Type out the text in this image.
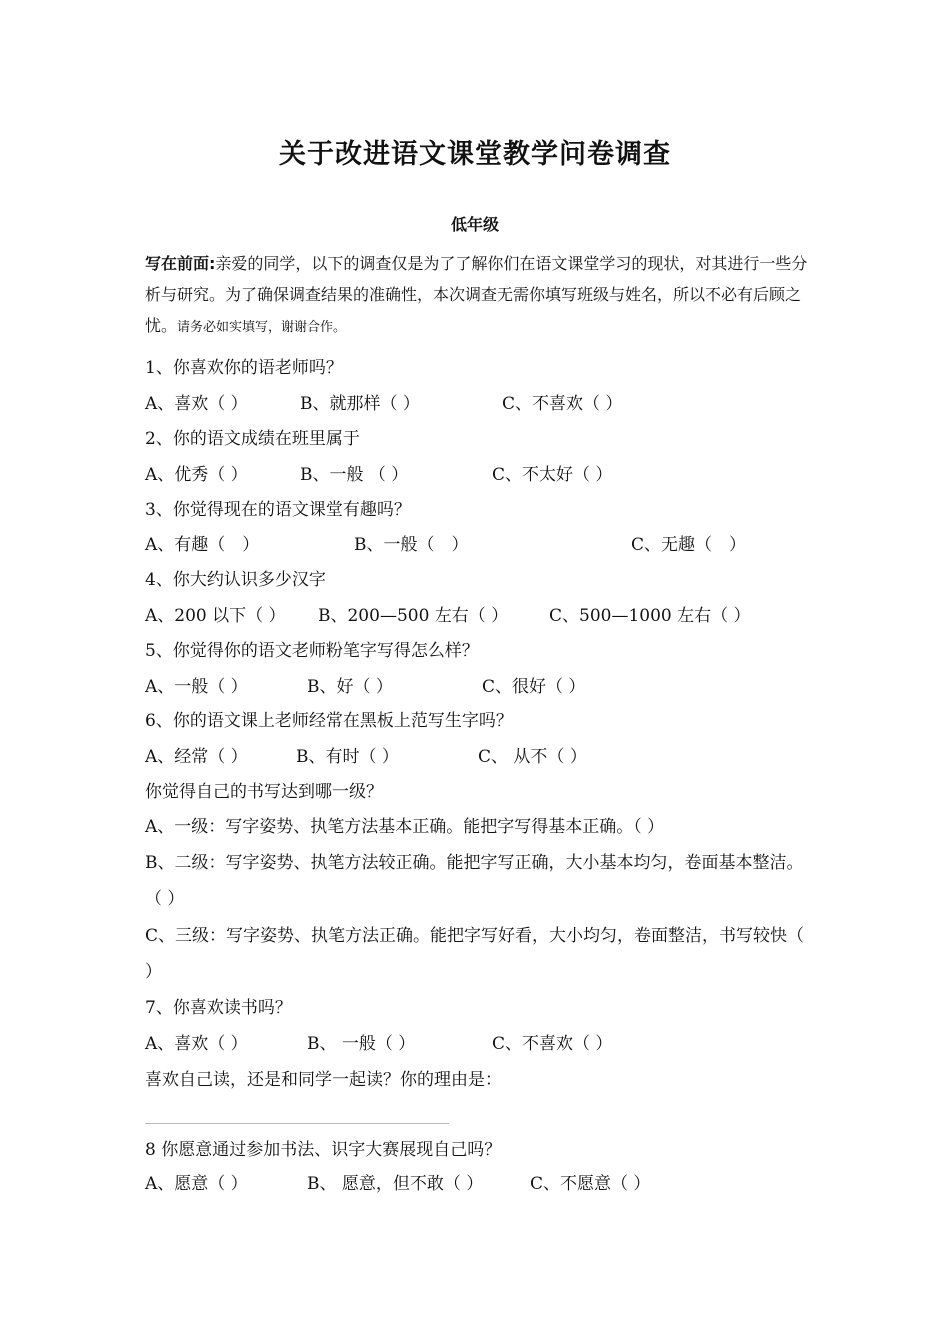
关于改进语文课堂教学问卷调查
低年级
写在前面:亲爱的同学，以下的调查仅是为了了解你们在语文课堂学习的现状，对其进行一些分析与研究。为了确保调查结果的准确性，本次调查无需你填写班级与姓名，所以不必有后顾之忧。请务必如实填写，谢谢合作。
1、你喜欢你的语老师吗？
A、喜欢（ ）	B、就那样（ ）	C、不喜欢（ ）
2、你的语文成绩在班里属于
A、优秀（ ）	B、一般 （ ）	C、不太好（ ）
3、你觉得现在的语文课堂有趣吗？
A、有趣（　）	B、一般（　）	C、无趣（　）
4、你大约认识多少汉字
A、200 以下（ ） B、200—500 左右（ ） C、500—1000 左右（ ）
5、你觉得你的语文老师粉笔字写得怎么样？
A、一般（ ）	B、好（ ）	C、很好（ ）
6、你的语文课上老师经常在黑板上范写生字吗？
A、经常（ ）	B、有时（ ）	C、 从不（ ）
你觉得自己的书写达到哪一级？
A、一级：写字姿势、执笔方法基本正确。能把字写得基本正确。（ ）
B、二级：写字姿势、执笔方法较正确。能把字写正确，大小基本均匀，卷面基本整洁。（ ）
C、三级：写字姿势、执笔方法正确。能把字写好看，大小均匀，卷面整洁，书写较快（ ）
7、你喜欢读书吗？
A、喜欢（ ）	B、 一般（ ）	C、不喜欢（ ）
喜欢自己读，还是和同学一起读？你的理由是：
8 你愿意通过参加书法、识字大赛展现自己吗？
A、愿意（ ）	B、 愿意，但不敢（ ）	C、不愿意（ ）
